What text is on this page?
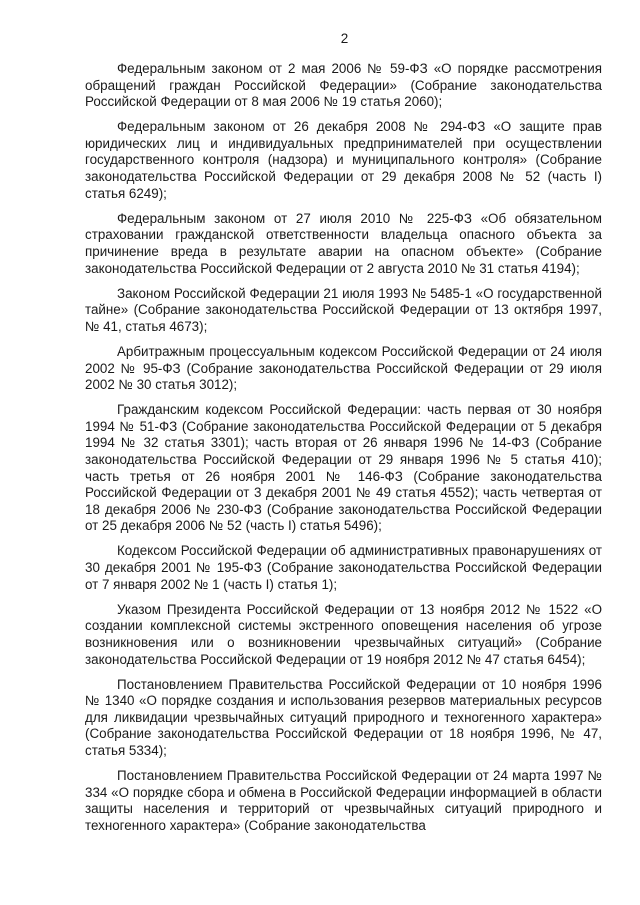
2

Федеральным законом от 2 мая 2006 № 59-ФЗ «О порядке рассмотрения обращений граждан Российской Федерации» (Собрание законодательства Российской Федерации от 8 мая 2006 № 19 статья 2060);

Федеральным законом от 26 декабря 2008 № 294-ФЗ «О защите прав юридических лиц и индивидуальных предпринимателей при осуществлении государственного контроля (надзора) и муниципального контроля» (Собрание законодательства Российской Федерации от 29 декабря 2008 № 52 (часть I) статья 6249);

Федеральным законом от 27 июля 2010 № 225-ФЗ «Об обязательном страховании гражданской ответственности владельца опасного объекта за причинение вреда в результате аварии на опасном объекте» (Собрание законодательства Российской Федерации от 2 августа 2010 № 31 статья 4194);

Законом Российской Федерации 21 июля 1993 № 5485-1 «О государственной тайне» (Собрание законодательства Российской Федерации от 13 октября 1997, № 41, статья 4673);

Арбитражным процессуальным кодексом Российской Федерации от 24 июля 2002 № 95-ФЗ (Собрание законодательства Российской Федерации от 29 июля 2002 № 30 статья 3012);

Гражданским кодексом Российской Федерации: часть первая от 30 ноября 1994 № 51-ФЗ (Собрание законодательства Российской Федерации от 5 декабря 1994 № 32 статья 3301); часть вторая от 26 января 1996 № 14-ФЗ (Собрание законодательства Российской Федерации от 29 января 1996 № 5 статья 410); часть третья от 26 ноября 2001 № 146-ФЗ (Собрание законодательства Российской Федерации от 3 декабря 2001 № 49 статья 4552); часть четвертая от 18 декабря 2006 № 230-ФЗ (Собрание законодательства Российской Федерации от 25 декабря 2006 № 52 (часть I) статья 5496);

Кодексом Российской Федерации об административных правонарушениях от 30 декабря 2001 № 195-ФЗ (Собрание законодательства Российской Федерации от 7 января 2002 № 1 (часть I) статья 1);

Указом Президента Российской Федерации от 13 ноября 2012 № 1522 «О создании комплексной системы экстренного оповещения населения об угрозе возникновения или о возникновении чрезвычайных ситуаций» (Собрание законодательства Российской Федерации от 19 ноября 2012 № 47 статья 6454);

Постановлением Правительства Российской Федерации от 10 ноября 1996 № 1340 «О порядке создания и использования резервов материальных ресурсов для ликвидации чрезвычайных ситуаций природного и техногенного характера» (Собрание законодательства Российской Федерации от 18 ноября 1996, № 47, статья 5334);

Постановлением Правительства Российской Федерации от 24 марта 1997 № 334 «О порядке сбора и обмена в Российской Федерации информацией в области защиты населения и территорий от чрезвычайных ситуаций природного и техногенного характера» (Собрание законодательства
